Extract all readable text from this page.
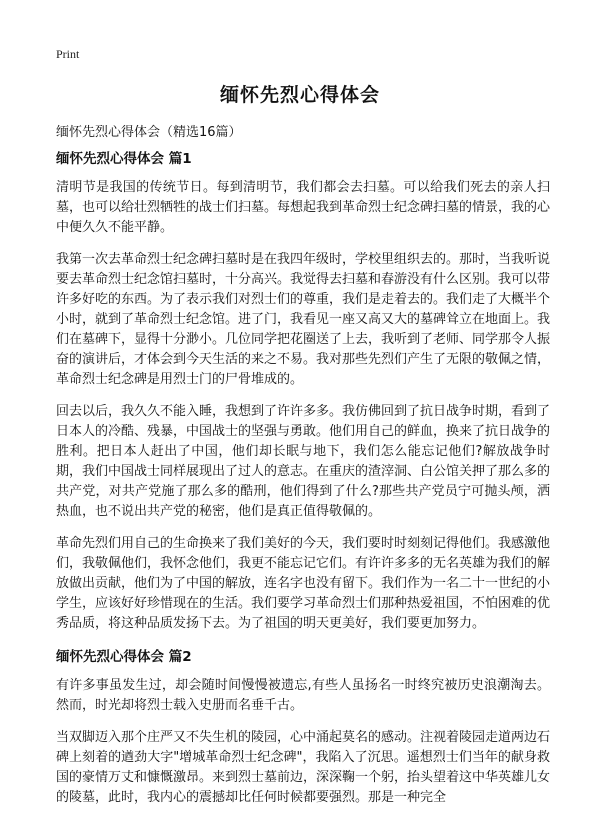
Print
缅怀先烈心得体会

缅怀先烈心得体会（精选16篇）

缅怀先烈心得体会 篇1

清明节是我国的传统节日。每到清明节，我们都会去扫墓。可以给我们死去的亲人扫墓，也可以给壮烈牺牲的战士们扫墓。每想起我到革命烈士纪念碑扫墓的情景，我的心中便久久不能平静。

我第一次去革命烈士纪念碑扫墓时是在我四年级时，学校里组织去的。那时，当我听说要去革命烈士纪念馆扫墓时，十分高兴。我觉得去扫墓和春游没有什么区别。我可以带许多好吃的东西。为了表示我们对烈士们的尊重，我们是走着去的。我们走了大概半个小时，就到了革命烈士纪念馆。进了门，我看见一座又高又大的墓碑耸立在地面上。我们在墓碑下，显得十分渺小。几位同学把花圈送了上去，我听到了老师、同学那令人振奋的演讲后，才体会到今天生活的来之不易。我对那些先烈们产生了无限的敬佩之情，革命烈士纪念碑是用烈士门的尸骨堆成的。

回去以后，我久久不能入睡，我想到了许许多多。我仿佛回到了抗日战争时期，看到了日本人的冷酷、残暴，中国战士的坚强与勇敢。他们用自己的鲜血，换来了抗日战争的胜利。把日本人赶出了中国，他们却长眠与地下，我们怎么能忘记他们?解放战争时期，我们中国战士同样展现出了过人的意志。在重庆的渣滓洞、白公馆关押了那么多的共产党，对共产党施了那么多的酷刑，他们得到了什么?那些共产党员宁可抛头颅，洒热血，也不说出共产党的秘密，他们是真正值得敬佩的。

革命先烈们用自己的生命换来了我们美好的今天，我们要时时刻刻记得他们。我感激他们，我敬佩他们，我怀念他们，我更不能忘记它们。有许许多多的无名英雄为我们的解放做出贡献，他们为了中国的解放，连名字也没有留下。我们作为一名二十一世纪的小学生，应该好好珍惜现在的生活。我们要学习革命烈士们那种热爱祖国，不怕困难的优秀品质，将这种品质发扬下去。为了祖国的明天更美好，我们要更加努力。

缅怀先烈心得体会 篇2

有许多事虽发生过，却会随时间慢慢被遗忘,有些人虽扬名一时终究被历史浪潮淘去。然而，时光却将烈士载入史册而名垂千古。

当双脚迈入那个庄严又不失生机的陵园，心中涌起莫名的感动。注视着陵园走道两边石碑上刻着的遒劲大字"增城革命烈士纪念碑"，我陷入了沉思。遥想烈士们当年的献身救国的豪情万丈和慷慨激昂。来到烈士墓前边，深深鞠一个躬，抬头望着这中华英雄儿女的陵墓，此时，我内心的震撼却比任何时候都要强烈。那是一种完全
